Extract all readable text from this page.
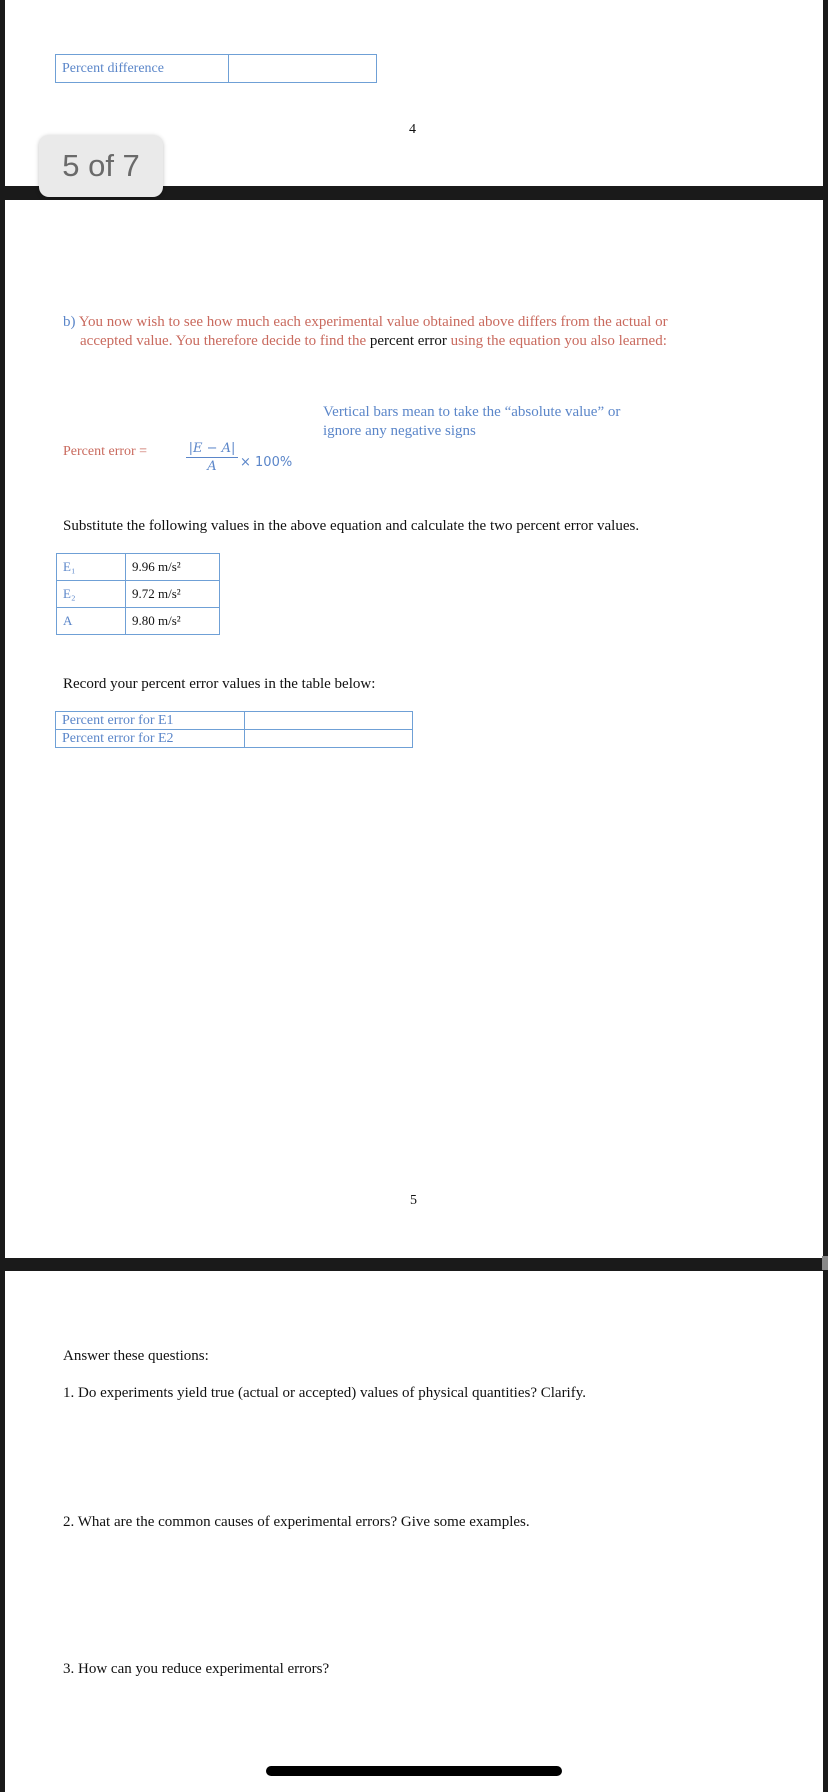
Percent difference	
4
5 of 7
b) You now wish to see how much each experimental value obtained above differs from the actual or
accepted value. You therefore decide to find the percent error using the equation you also learned:
Vertical bars mean to take the “absolute value” or
ignore any negative signs
Percent error =	$\frac{|E - A|}{A} \times 100\%$
Substitute the following values in the above equation and calculate the two percent error values.
E₁	9.96 m/s²
E₂	9.72 m/s²
A	9.80 m/s²
Record your percent error values in the table below:
Percent error for E1	
Percent error for E2	
5
Answer these questions:
1. Do experiments yield true (actual or accepted) values of physical quantities? Clarify.
2. What are the common causes of experimental errors? Give some examples.
3. How can you reduce experimental errors?
